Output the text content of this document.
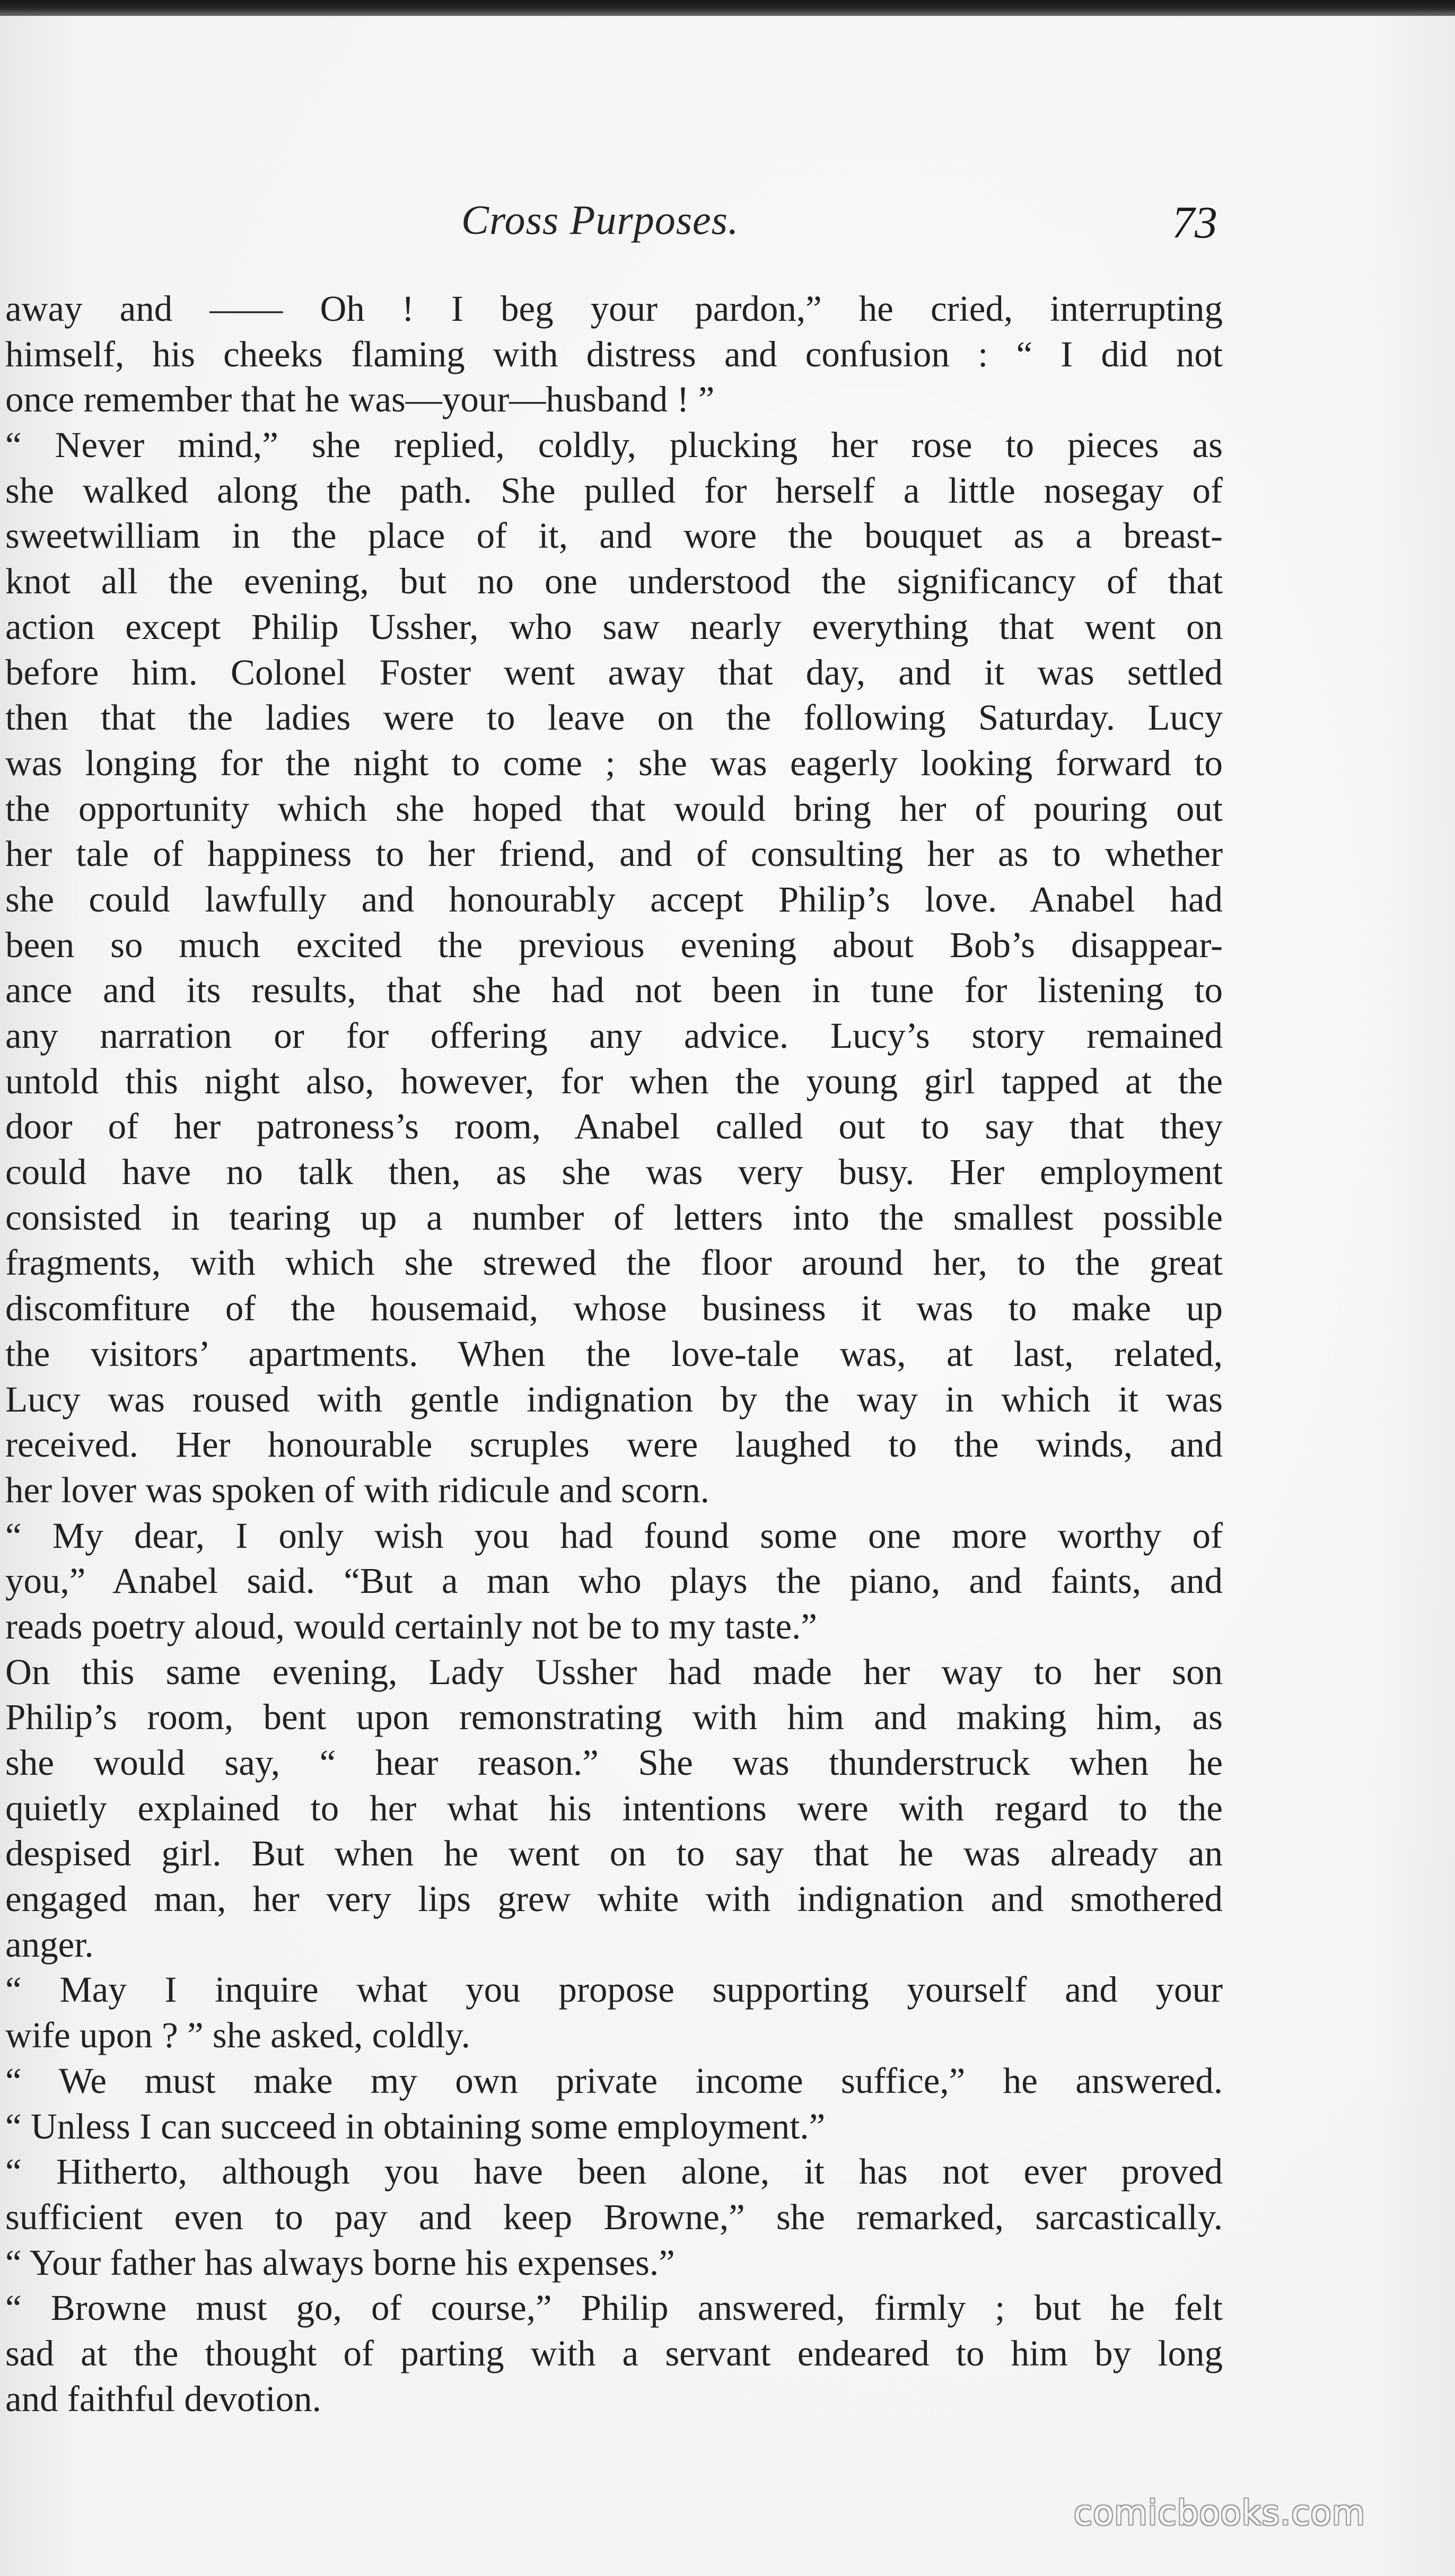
Cross Purposes.	73
away and —— Oh ! I beg your pardon,” he cried, interrupting
himself, his cheeks flaming with distress and confusion : “ I did not
once remember that he was—your—husband ! ”
“ Never mind,” she replied, coldly, plucking her rose to pieces as
she walked along the path. She pulled for herself a little nosegay of
sweetwilliam in the place of it, and wore the bouquet as a breast-
knot all the evening, but no one understood the significancy of that
action except Philip Ussher, who saw nearly everything that went on
before him. Colonel Foster went away that day, and it was settled
then that the ladies were to leave on the following Saturday. Lucy
was longing for the night to come ; she was eagerly looking forward to
the opportunity which she hoped that would bring her of pouring out
her tale of happiness to her friend, and of consulting her as to whether
she could lawfully and honourably accept Philip’s love. Anabel had
been so much excited the previous evening about Bob’s disappear-
ance and its results, that she had not been in tune for listening to
any narration or for offering any advice. Lucy’s story remained
untold this night also, however, for when the young girl tapped at the
door of her patroness’s room, Anabel called out to say that they
could have no talk then, as she was very busy. Her employment
consisted in tearing up a number of letters into the smallest possible
fragments, with which she strewed the floor around her, to the great
discomfiture of the housemaid, whose business it was to make up
the visitors’ apartments. When the love-tale was, at last, related,
Lucy was roused with gentle indignation by the way in which it was
received. Her honourable scruples were laughed to the winds, and
her lover was spoken of with ridicule and scorn.
“ My dear, I only wish you had found some one more worthy of
you,” Anabel said. “But a man who plays the piano, and faints, and
reads poetry aloud, would certainly not be to my taste.”
On this same evening, Lady Ussher had made her way to her son
Philip’s room, bent upon remonstrating with him and making him, as
she would say, “ hear reason.” She was thunderstruck when he
quietly explained to her what his intentions were with regard to the
despised girl. But when he went on to say that he was already an
engaged man, her very lips grew white with indignation and smothered
anger.
“ May I inquire what you propose supporting yourself and your
wife upon ? ” she asked, coldly.
“ We must make my own private income suffice,” he answered.
“ Unless I can succeed in obtaining some employment.”
“ Hitherto, although you have been alone, it has not ever proved
sufficient even to pay and keep Browne,” she remarked, sarcastically.
“ Your father has always borne his expenses.”
“ Browne must go, of course,” Philip answered, firmly ; but he felt
sad at the thought of parting with a servant endeared to him by long
and faithful devotion.
comicbooks.com
